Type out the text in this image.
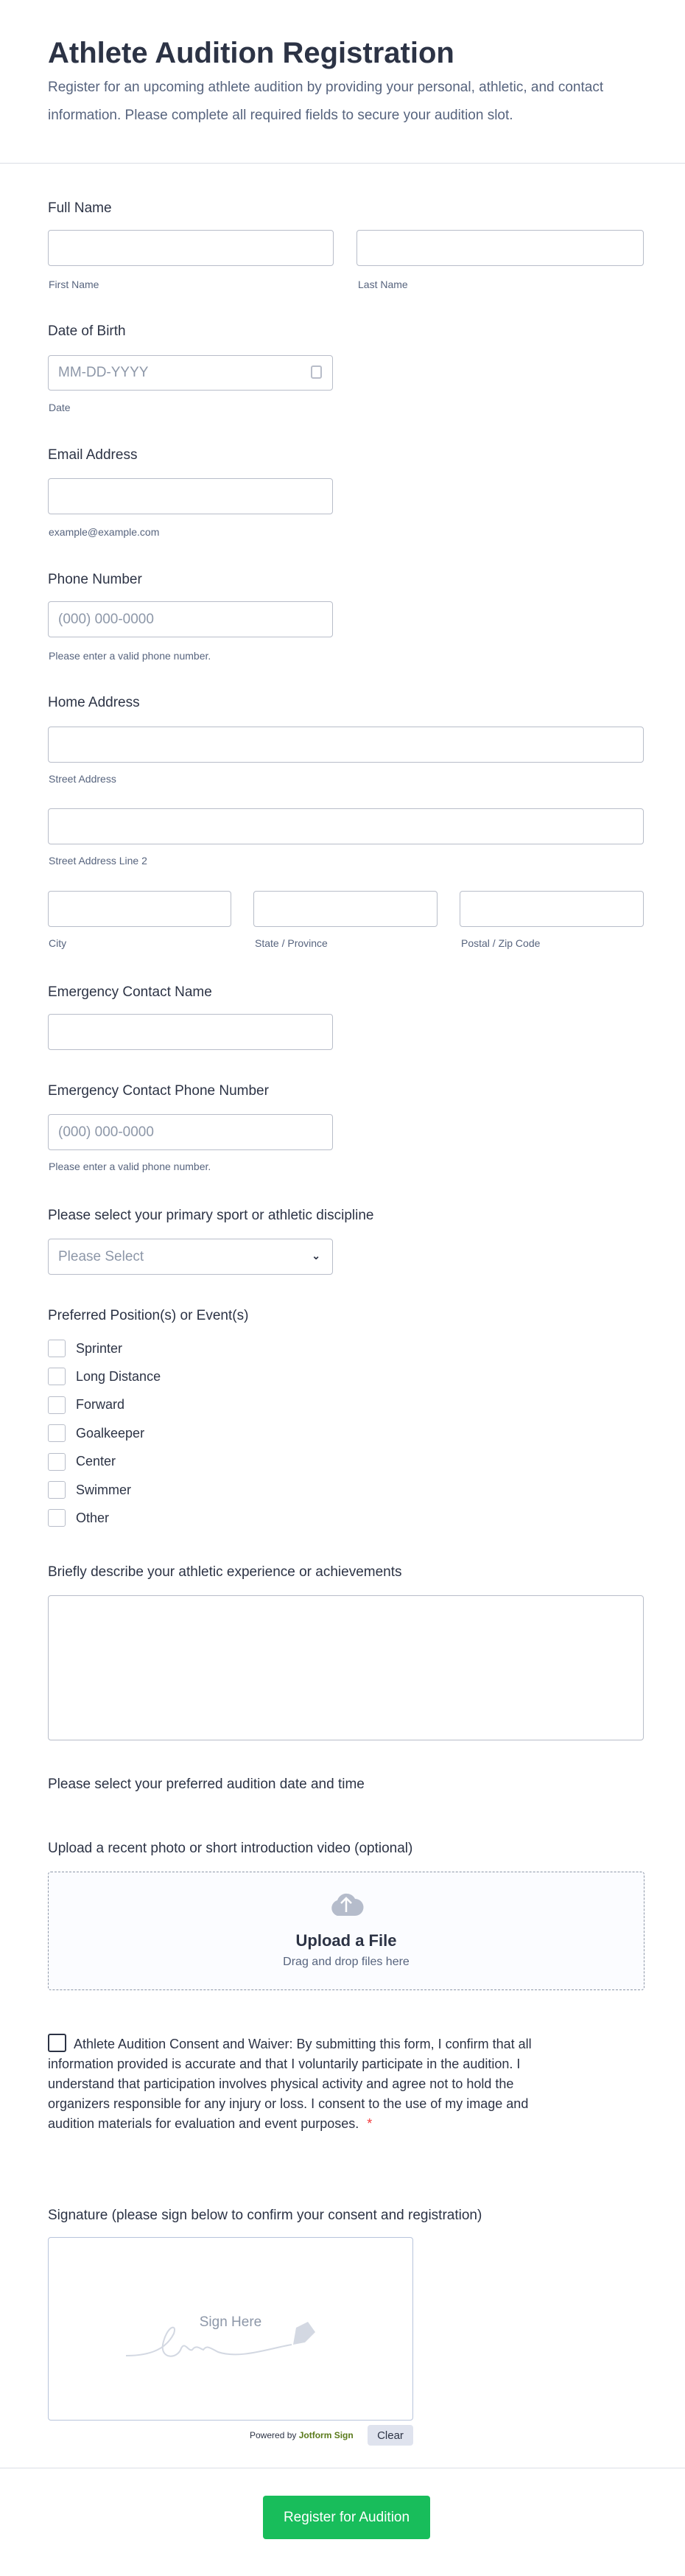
Athlete Audition Registration
Register for an upcoming athlete audition by providing your personal, athletic, and contact information. Please complete all required fields to secure your audition slot.
Full Name
First Name	Last Name
Date of Birth
MM-DD-YYYY
Date
Email Address
example@example.com
Phone Number
(000) 000-0000
Please enter a valid phone number.
Home Address
Street Address
Street Address Line 2
City	State / Province	Postal / Zip Code
Emergency Contact Name
Emergency Contact Phone Number
(000) 000-0000
Please enter a valid phone number.
Please select your primary sport or athletic discipline
Please Select	⌄
Preferred Position(s) or Event(s)
Sprinter
Long Distance
Forward
Goalkeeper
Center
Swimmer
Other
Briefly describe your athletic experience or achievements
Please select your preferred audition date and time
Upload a recent photo or short introduction video (optional)
Upload a File
Drag and drop files here
Athlete Audition Consent and Waiver: By submitting this form, I confirm that all information provided is accurate and that I voluntarily participate in the audition. I understand that participation involves physical activity and agree not to hold the organizers responsible for any injury or loss. I consent to the use of my image and audition materials for evaluation and event purposes. *
Signature (please sign below to confirm your consent and registration)
Sign Here
Powered by Jotform Sign	Clear
Register for Audition
